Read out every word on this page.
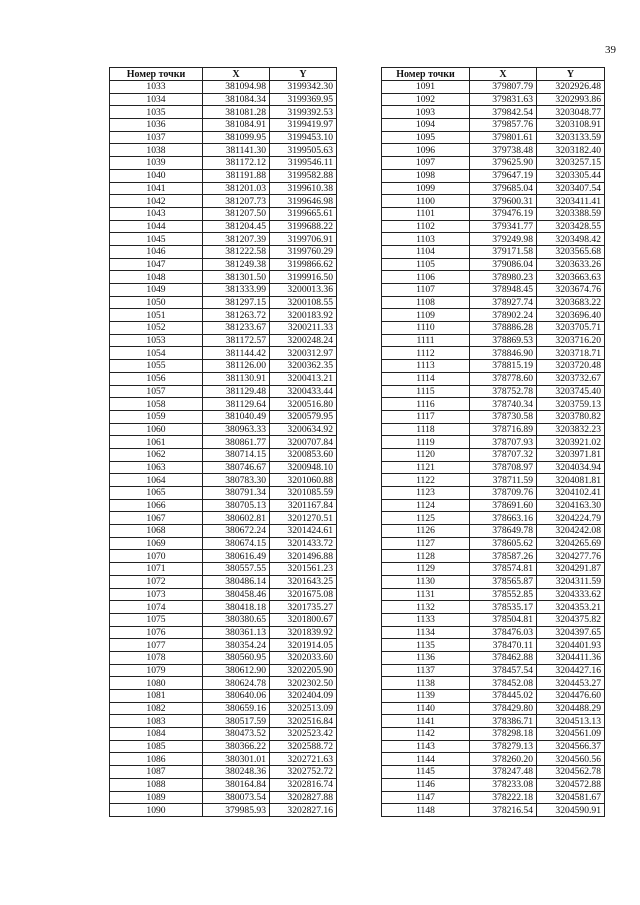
39
Номер точки	X	Y
1033	381094.98	3199342.30
1034	381084.34	3199369.95
1035	381081.28	3199392.53
1036	381084.91	3199419.97
1037	381099.95	3199453.10
1038	381141.30	3199505.63
1039	381172.12	3199546.11
1040	381191.88	3199582.88
1041	381201.03	3199610.38
1042	381207.73	3199646.98
1043	381207.50	3199665.61
1044	381204.45	3199688.22
1045	381207.39	3199706.91
1046	381222.58	3199760.29
1047	381249.38	3199866.62
1048	381301.50	3199916.50
1049	381333.99	3200013.36
1050	381297.15	3200108.55
1051	381263.72	3200183.92
1052	381233.67	3200211.33
1053	381172.57	3200248.24
1054	381144.42	3200312.97
1055	381126.00	3200362.35
1056	381130.91	3200413.21
1057	381129.48	3200433.44
1058	381129.64	3200516.80
1059	381040.49	3200579.95
1060	380963.33	3200634.92
1061	380861.77	3200707.84
1062	380714.15	3200853.60
1063	380746.67	3200948.10
1064	380783.30	3201060.88
1065	380791.34	3201085.59
1066	380705.13	3201167.84
1067	380602.81	3201270.51
1068	380672.24	3201424.61
1069	380674.15	3201433.72
1070	380616.49	3201496.88
1071	380557.55	3201561.23
1072	380486.14	3201643.25
1073	380458.46	3201675.08
1074	380418.18	3201735.27
1075	380380.65	3201800.67
1076	380361.13	3201839.92
1077	380354.24	3201914.05
1078	380560.95	3202033.60
1079	380612.90	3202205.90
1080	380624.78	3202302.50
1081	380640.06	3202404.09
1082	380659.16	3202513.09
1083	380517.59	3202516.84
1084	380473.52	3202523.42
1085	380366.22	3202588.72
1086	380301.01	3202721.63
1087	380248.36	3202752.72
1088	380164.84	3202816.74
1089	380073.54	3202827.88
1090	379985.93	3202827.16
Номер точки	X	Y
1091	379807.79	3202926.48
1092	379831.63	3202993.86
1093	379842.54	3203048.77
1094	379857.76	3203108.91
1095	379801.61	3203133.59
1096	379738.48	3203182.40
1097	379625.90	3203257.15
1098	379647.19	3203305.44
1099	379685.04	3203407.54
1100	379600.31	3203411.41
1101	379476.19	3203388.59
1102	379341.77	3203428.55
1103	379249.98	3203498.42
1104	379171.58	3203565.68
1105	379086.04	3203633.26
1106	378980.23	3203663.63
1107	378948.45	3203674.76
1108	378927.74	3203683.22
1109	378902.24	3203696.40
1110	378886.28	3203705.71
1111	378869.53	3203716.20
1112	378846.90	3203718.71
1113	378815.19	3203720.48
1114	378778.60	3203732.67
1115	378752.78	3203745.40
1116	378740.34	3203759.13
1117	378730.58	3203780.82
1118	378716.89	3203832.23
1119	378707.93	3203921.02
1120	378707.32	3203971.81
1121	378708.97	3204034.94
1122	378711.59	3204081.81
1123	378709.76	3204102.41
1124	378691.60	3204163.30
1125	378663.16	3204224.79
1126	378649.78	3204242.08
1127	378605.62	3204265.69
1128	378587.26	3204277.76
1129	378574.81	3204291.87
1130	378565.87	3204311.59
1131	378552.85	3204333.62
1132	378535.17	3204353.21
1133	378504.81	3204375.82
1134	378476.03	3204397.65
1135	378470.11	3204401.93
1136	378462.88	3204411.36
1137	378457.54	3204427.16
1138	378452.08	3204453.27
1139	378445.02	3204476.60
1140	378429.80	3204488.29
1141	378386.71	3204513.13
1142	378298.18	3204561.09
1143	378279.13	3204566.37
1144	378260.20	3204560.56
1145	378247.48	3204562.78
1146	378233.08	3204572.88
1147	378222.18	3204581.67
1148	378216.54	3204590.91
